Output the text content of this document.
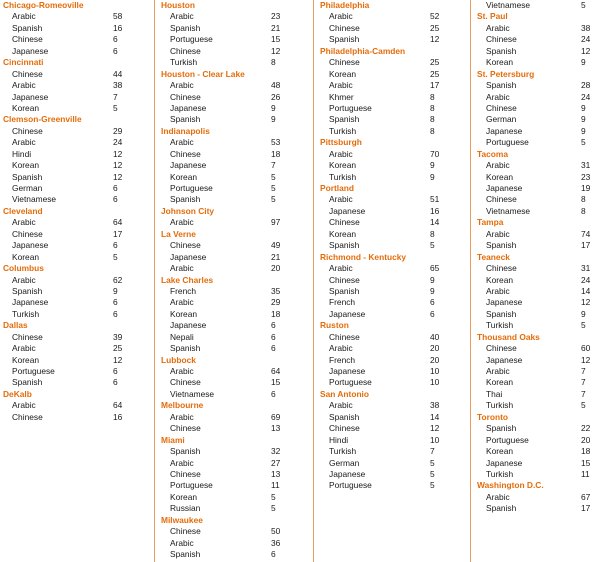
Chicago-Romeoville
Arabic	58
Spanish	16
Chinese	6
Japanese	6
Cincinnati
Chinese	44
Arabic	38
Japanese	7
Korean	5
Clemson-Greenville
Chinese	29
Arabic	24
Hindi	12
Korean	12
Spanish	12
German	6
Vietnamese	6
Cleveland
Arabic	64
Chinese	17
Japanese	6
Korean	5
Columbus
Arabic	62
Spanish	9
Japanese	6
Turkish	6
Dallas
Chinese	39
Arabic	25
Korean	12
Portuguese	6
Spanish	6
DeKalb
Arabic	64
Chinese	16
Houston
Arabic	23
Spanish	21
Portuguese	15
Chinese	12
Turkish	8
Houston - Clear Lake
Arabic	48
Chinese	26
Japanese	9
Spanish	9
Indianapolis
Arabic	53
Chinese	18
Japanese	7
Korean	5
Portuguese	5
Spanish	5
Johnson City
Arabic	97
La Verne
Chinese	49
Japanese	21
Arabic	20
Lake Charles
French	35
Arabic	29
Korean	18
Japanese	6
Nepali	6
Spanish	6
Lubbock
Arabic	64
Chinese	15
Vietnamese	6
Melbourne
Arabic	69
Chinese	13
Miami
Spanish	32
Arabic	27
Chinese	13
Portuguese	11
Korean	5
Russian	5
Milwaukee
Chinese	50
Arabic	36
Spanish	6
Philadelphia
Arabic	52
Chinese	25
Spanish	12
Philadelphia-Camden
Chinese	25
Korean	25
Arabic	17
Khmer	8
Portuguese	8
Spanish	8
Turkish	8
Pittsburgh
Arabic	70
Korean	9
Turkish	9
Portland
Arabic	51
Japanese	16
Chinese	14
Korean	8
Spanish	5
Richmond - Kentucky
Arabic	65
Chinese	9
Spanish	9
French	6
Japanese	6
Ruston
Chinese	40
Arabic	20
French	20
Japanese	10
Portuguese	10
San Antonio
Arabic	38
Spanish	14
Chinese	12
Hindi	10
Turkish	7
German	5
Japanese	5
Portuguese	5
Vietnamese	5
St. Paul
Arabic	38
Chinese	24
Spanish	12
Korean	9
St. Petersburg
Spanish	28
Arabic	24
Chinese	9
German	9
Japanese	9
Portuguese	5
Tacoma
Arabic	31
Korean	23
Japanese	19
Chinese	8
Vietnamese	8
Tampa
Arabic	74
Spanish	17
Teaneck
Chinese	31
Korean	24
Arabic	14
Japanese	12
Spanish	9
Turkish	5
Thousand Oaks
Chinese	60
Japanese	12
Arabic	7
Korean	7
Thai	7
Turkish	5
Toronto
Spanish	22
Portuguese	20
Korean	18
Japanese	15
Turkish	11
Washington D.C.
Arabic	67
Spanish	17
